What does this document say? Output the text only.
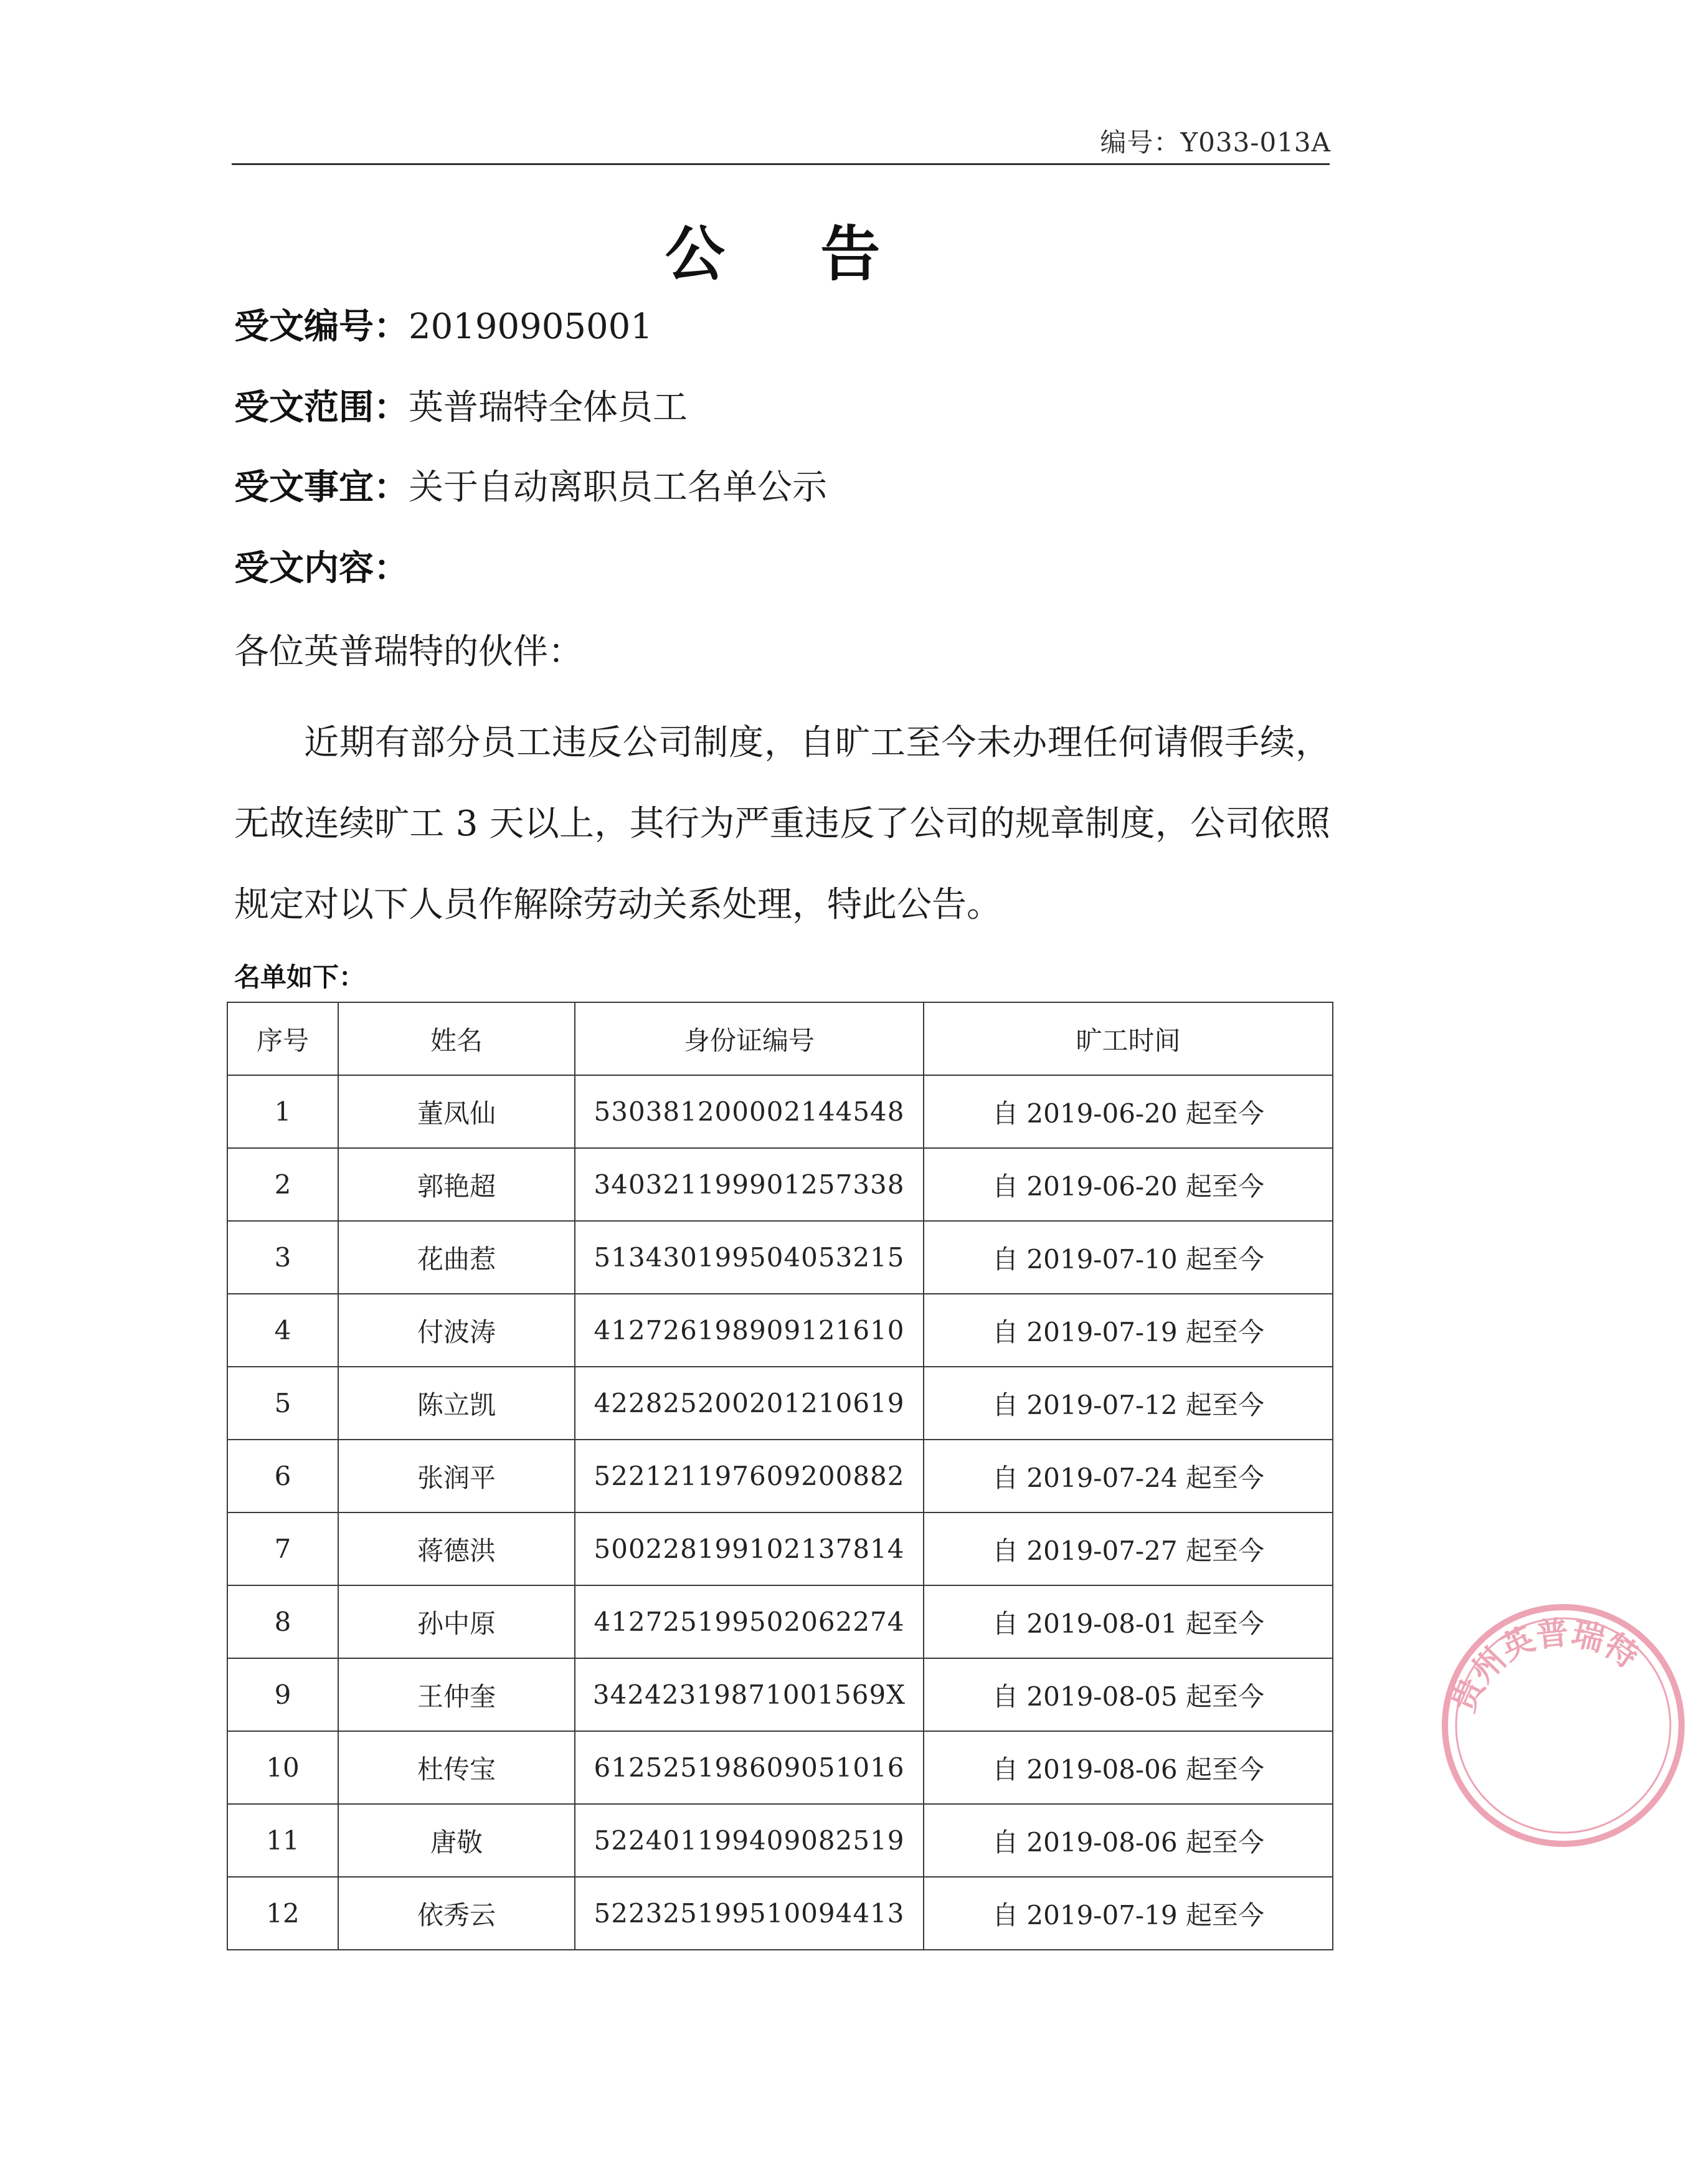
编号：Y033-013A
公 告
受文编号：20190905001
受文范围：英普瑞特全体员工
受文事宜：关于自动离职员工名单公示
受文内容：
各位英普瑞特的伙伴：
近期有部分员工违反公司制度，自旷工至今未办理任何请假手续，无故连续旷工 3 天以上，其行为严重违反了公司的规章制度，公司依照规定对以下人员作解除劳动关系处理，特此公告。
名单如下：
序号	姓名	身份证编号	旷工时间
1	董凤仙	530381200002144548	自 2019-06-20 起至今
2	郭艳超	340321199901257338	自 2019-06-20 起至今
3	花曲惹	513430199504053215	自 2019-07-10 起至今
4	付波涛	412726198909121610	自 2019-07-19 起至今
5	陈立凯	422825200201210619	自 2019-07-12 起至今
6	张润平	522121197609200882	自 2019-07-24 起至今
7	蒋德洪	500228199102137814	自 2019-07-27 起至今
8	孙中原	412725199502062274	自 2019-08-01 起至今
9	王仲奎	34242319871001569X	自 2019-08-05 起至今
10	杜传宝	612525198609051016	自 2019-08-06 起至今
11	唐敬	522401199409082519	自 2019-08-06 起至今
12	依秀云	522325199510094413	自 2019-07-19 起至今
贵州英普瑞特
